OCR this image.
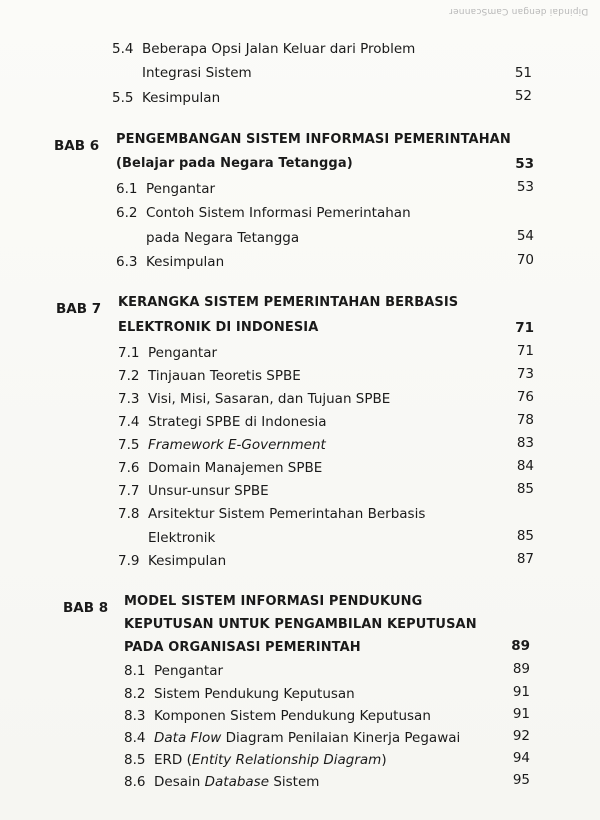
Dipindai dengan CamScanner
5.4 Beberapa Opsi Jalan Keluar dari Problem
Integrasi Sistem	51
5.5 Kesimpulan	52
BAB 6 PENGEMBANGAN SISTEM INFORMASI PEMERINTAHAN
(Belajar pada Negara Tetangga)	53
6.1 Pengantar	53
6.2 Contoh Sistem Informasi Pemerintahan
pada Negara Tetangga	54
6.3 Kesimpulan	70
BAB 7 KERANGKA SISTEM PEMERINTAHAN BERBASIS
ELEKTRONIK DI INDONESIA	71
7.1 Pengantar	71
7.2 Tinjauan Teoretis SPBE	73
7.3 Visi, Misi, Sasaran, dan Tujuan SPBE	76
7.4 Strategi SPBE di Indonesia	78
7.5 Framework E-Government	83
7.6 Domain Manajemen SPBE	84
7.7 Unsur-unsur SPBE	85
7.8 Arsitektur Sistem Pemerintahan Berbasis
Elektronik	85
7.9 Kesimpulan	87
BAB 8 MODEL SISTEM INFORMASI PENDUKUNG
KEPUTUSAN UNTUK PENGAMBILAN KEPUTUSAN
PADA ORGANISASI PEMERINTAH	89
8.1 Pengantar	89
8.2 Sistem Pendukung Keputusan	91
8.3 Komponen Sistem Pendukung Keputusan	91
8.4 Data Flow Diagram Penilaian Kinerja Pegawai	92
8.5 ERD (Entity Relationship Diagram)	94
8.6 Desain Database Sistem	95
